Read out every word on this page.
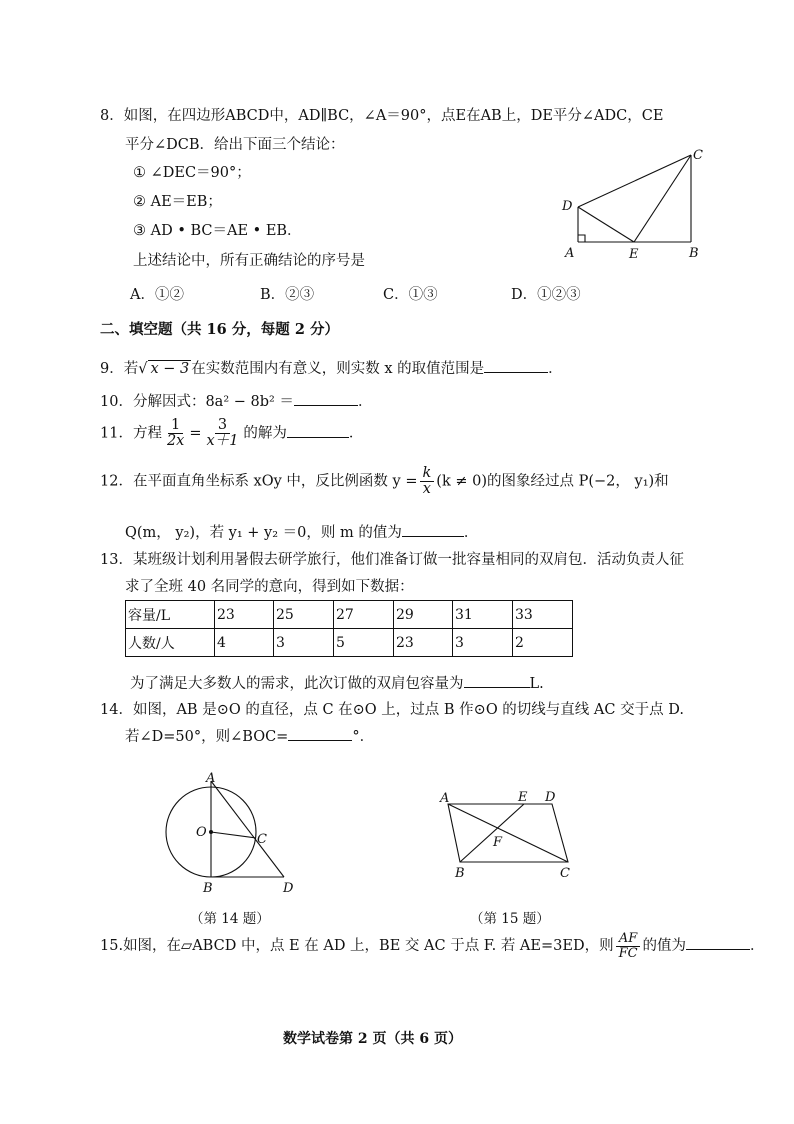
8．如图，在四边形ABCD中，AD∥BC，∠A＝90°，点E在AB上，DE平分∠ADC，CE
平分∠DCB．给出下面三个结论：
① ∠DEC＝90°；
② AE＝EB；
③ AD • BC＝AE • EB．
上述结论中，所有正确结论的序号是
A．①②	B．②③	C．①③	D．①②③
D
A	E	B
C
二、填空题（共 16 分，每题 2 分）
9．若√ x − 3 在实数范围内有意义，则实数 x 的取值范围是	．
10．分解因式：8a² − 8b² ＝	．
11．方程 $\frac{1}{2x} = \frac{3}{x+1}$ 的解为	．
12．在平面直角坐标系 xOy 中，反比例函数 $y = \frac{k}{x} (k \ne 0)$的图象经过点 P(−2， y₁)和
Q(m， y₂)，若 y₁ + y₂ ＝0，则 m 的值为	．
13．某班级计划利用暑假去研学旅行，他们准备订做一批容量相同的双肩包．活动负责人征
求了全班 40 名同学的意向，得到如下数据：
容量/L	23	25	27	29	31	33
人数/人	4	3	5	23	3	2
为了满足大多数人的需求，此次订做的双肩包容量为	L.
14．如图，AB 是⊙O 的直径，点 C 在⊙O 上，过点 B 作⊙O 的切线与直线 AC 交于点 D.
若∠D=50°，则∠BOC=	°．
A
O	C
B	D
（第 14 题）
A	E D
F
B	C
（第 15 题）
15.如图，在▱ABCD 中，点 E 在 AD 上，BE 交 AC 于点 F. 若 AE=3ED，则 $\frac{AF}{FC}$ 的值为	．
数学试卷第 2 页（共 6 页）
